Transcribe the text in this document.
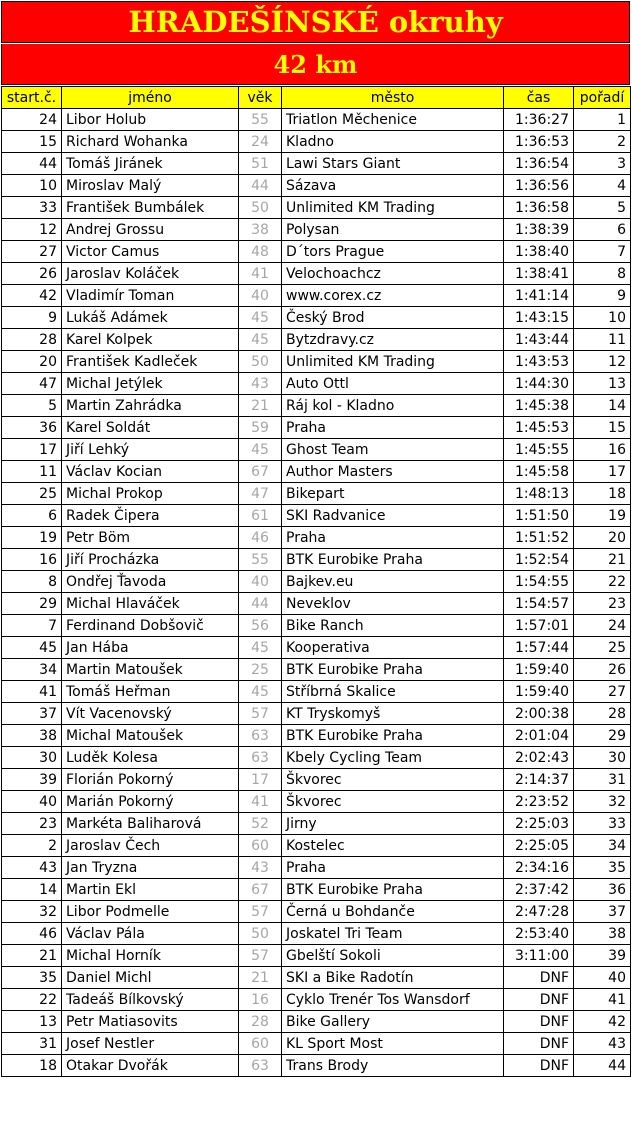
HRADEŠÍNSKÉ okruhy
42 km
start.č.	jméno	věk	město	čas	pořadí
24	Libor Holub	55	Triatlon Měchenice	1:36:27	1
15	Richard Wohanka	24	Kladno	1:36:53	2
44	Tomáš Jiránek	51	Lawi Stars Giant	1:36:54	3
10	Miroslav Malý	44	Sázava	1:36:56	4
33	František Bumbálek	50	Unlimited KM Trading	1:36:58	5
12	Andrej Grossu	38	Polysan	1:38:39	6
27	Victor Camus	48	D´tors Prague	1:38:40	7
26	Jaroslav Koláček	41	Velochoachcz	1:38:41	8
42	Vladimír Toman	40	www.corex.cz	1:41:14	9
9	Lukáš Adámek	45	Český Brod	1:43:15	10
28	Karel Kolpek	45	Bytzdravy.cz	1:43:44	11
20	František Kadleček	50	Unlimited KM Trading	1:43:53	12
47	Michal Jetýlek	43	Auto Ottl	1:44:30	13
5	Martin Zahrádka	21	Ráj kol - Kladno	1:45:38	14
36	Karel Soldát	59	Praha	1:45:53	15
17	Jiří Lehký	45	Ghost Team	1:45:55	16
11	Václav Kocian	67	Author Masters	1:45:58	17
25	Michal Prokop	47	Bikepart	1:48:13	18
6	Radek Čipera	61	SKI Radvanice	1:51:50	19
19	Petr Böm	46	Praha	1:51:52	20
16	Jiří Procházka	55	BTK Eurobike Praha	1:52:54	21
8	Ondřej Ťavoda	40	Bajkev.eu	1:54:55	22
29	Michal Hlaváček	44	Neveklov	1:54:57	23
7	Ferdinand Dobšovič	56	Bike Ranch	1:57:01	24
45	Jan Hába	45	Kooperativa	1:57:44	25
34	Martin Matoušek	25	BTK Eurobike Praha	1:59:40	26
41	Tomáš Heřman	45	Stříbrná Skalice	1:59:40	27
37	Vít Vacenovský	57	KT Tryskomyš	2:00:38	28
38	Michal Matoušek	63	BTK Eurobike Praha	2:01:04	29
30	Luděk Kolesa	63	Kbely Cycling Team	2:02:43	30
39	Florián Pokorný	17	Škvorec	2:14:37	31
40	Marián Pokorný	41	Škvorec	2:23:52	32
23	Markéta Baliharová	52	Jirny	2:25:03	33
2	Jaroslav Čech	60	Kostelec	2:25:05	34
43	Jan Tryzna	43	Praha	2:34:16	35
14	Martin Ekl	67	BTK Eurobike Praha	2:37:42	36
32	Libor Podmelle	57	Černá u Bohdanče	2:47:28	37
46	Václav Pála	50	Joskatel Tri Team	2:53:40	38
21	Michal Horník	57	Gbelští Sokoli	3:11:00	39
35	Daniel Michl	21	SKI a Bike Radotín	DNF	40
22	Tadeáš Bílkovský	16	Cyklo Trenér Tos Wansdorf	DNF	41
13	Petr Matiasovits	28	Bike Gallery	DNF	42
31	Josef Nestler	60	KL Sport Most	DNF	43
18	Otakar Dvořák	63	Trans Brody	DNF	44
